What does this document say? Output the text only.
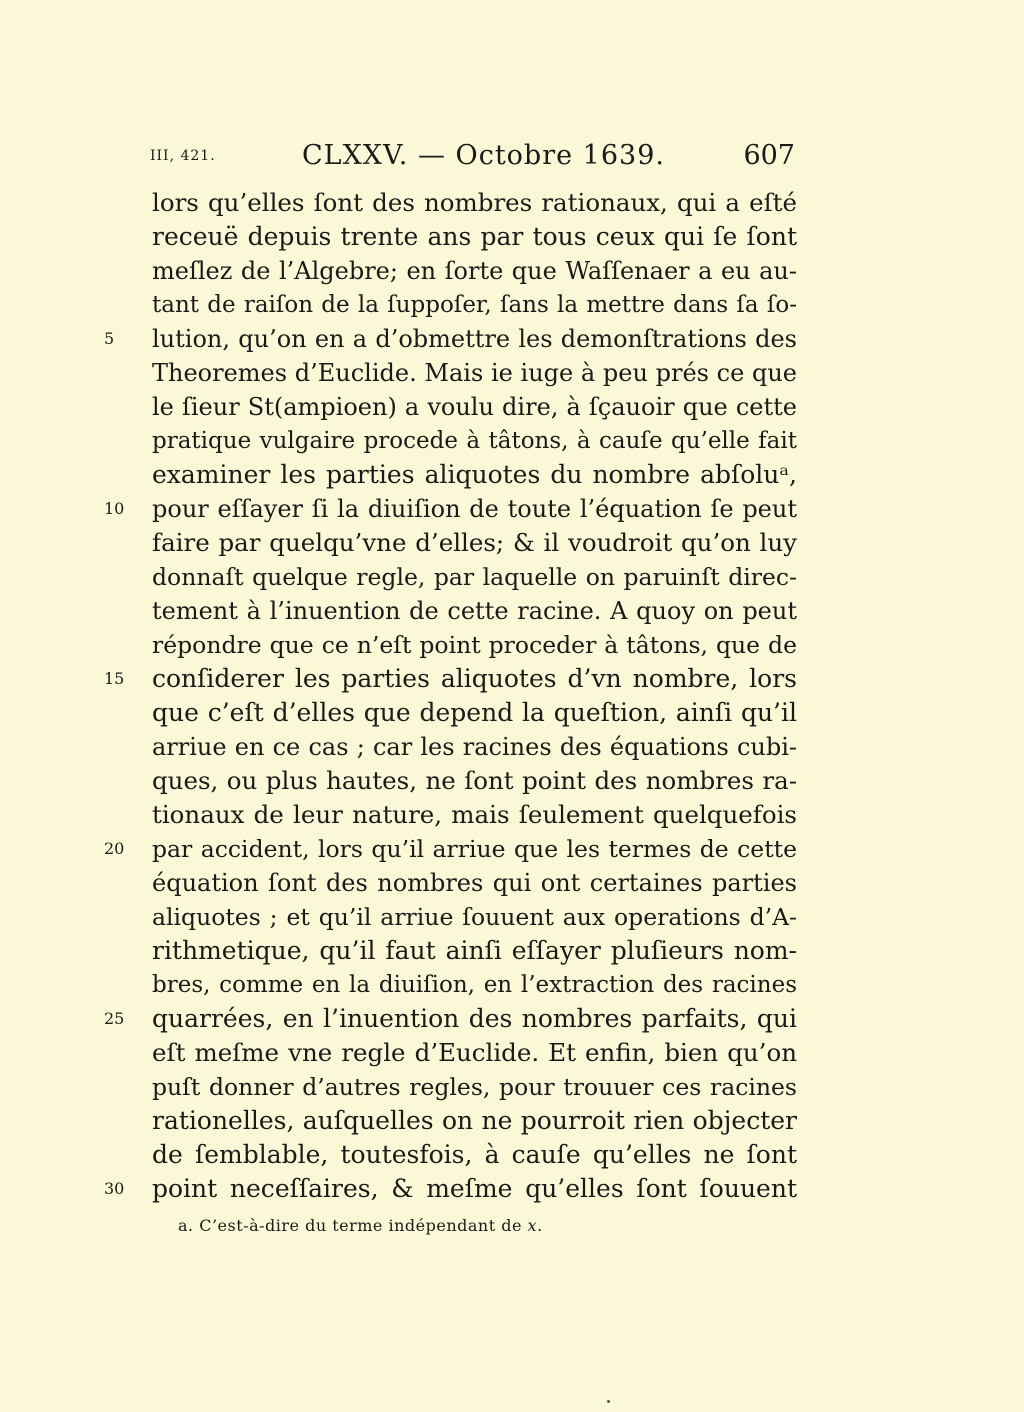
III, 421.	CLXXV. — Octobre 1639.	607
lors qu’elles ſont des nombres rationaux, qui a eſté
receuë depuis trente ans par tous ceux qui ſe ſont
meſlez de l’Algebre; en ſorte que Waſſenaer a eu au-
tant de raiſon de la ſuppoſer, ſans la mettre dans ſa ſo-
5	lution, qu’on en a d’obmettre les demonſtrations des
Theoremes d’Euclide. Mais ie iuge à peu prés ce que
le ſieur St(ampioen) a voulu dire, à ſçauoir que cette
pratique vulgaire procede à tâtons, à cauſe qu’elle fait
examiner les parties aliquotes du nombre abſoluᵃ,
10	pour eſſayer ſi la diuiſion de toute l’équation ſe peut
faire par quelqu’vne d’elles; & il voudroit qu’on luy
donnaſt quelque regle, par laquelle on paruinſt direc-
tement à l’inuention de cette racine. A quoy on peut
répondre que ce n’eſt point proceder à tâtons, que de
15	conſiderer les parties aliquotes d’vn nombre, lors
que c’eſt d’elles que depend la queſtion, ainſi qu’il
arriue en ce cas ; car les racines des équations cubi-
ques, ou plus hautes, ne ſont point des nombres ra-
tionaux de leur nature, mais ſeulement quelquefois
20	par accident, lors qu’il arriue que les termes de cette
équation ſont des nombres qui ont certaines parties
aliquotes ; et qu’il arriue ſouuent aux operations d’A-
rithmetique, qu’il faut ainſi eſſayer pluſieurs nom-
bres, comme en la diuiſion, en l’extraction des racines
25	quarrées, en l’inuention des nombres parfaits, qui
eſt meſme vne regle d’Euclide. Et enfin, bien qu’on
puſt donner d’autres regles, pour trouuer ces racines
rationelles, auſquelles on ne pourroit rien objecter
de ſemblable, toutesfois, à cauſe qu’elles ne ſont
30	point neceſſaires, & meſme qu’elles ſont ſouuent
a. C’est-à-dire du terme indépendant de x.
